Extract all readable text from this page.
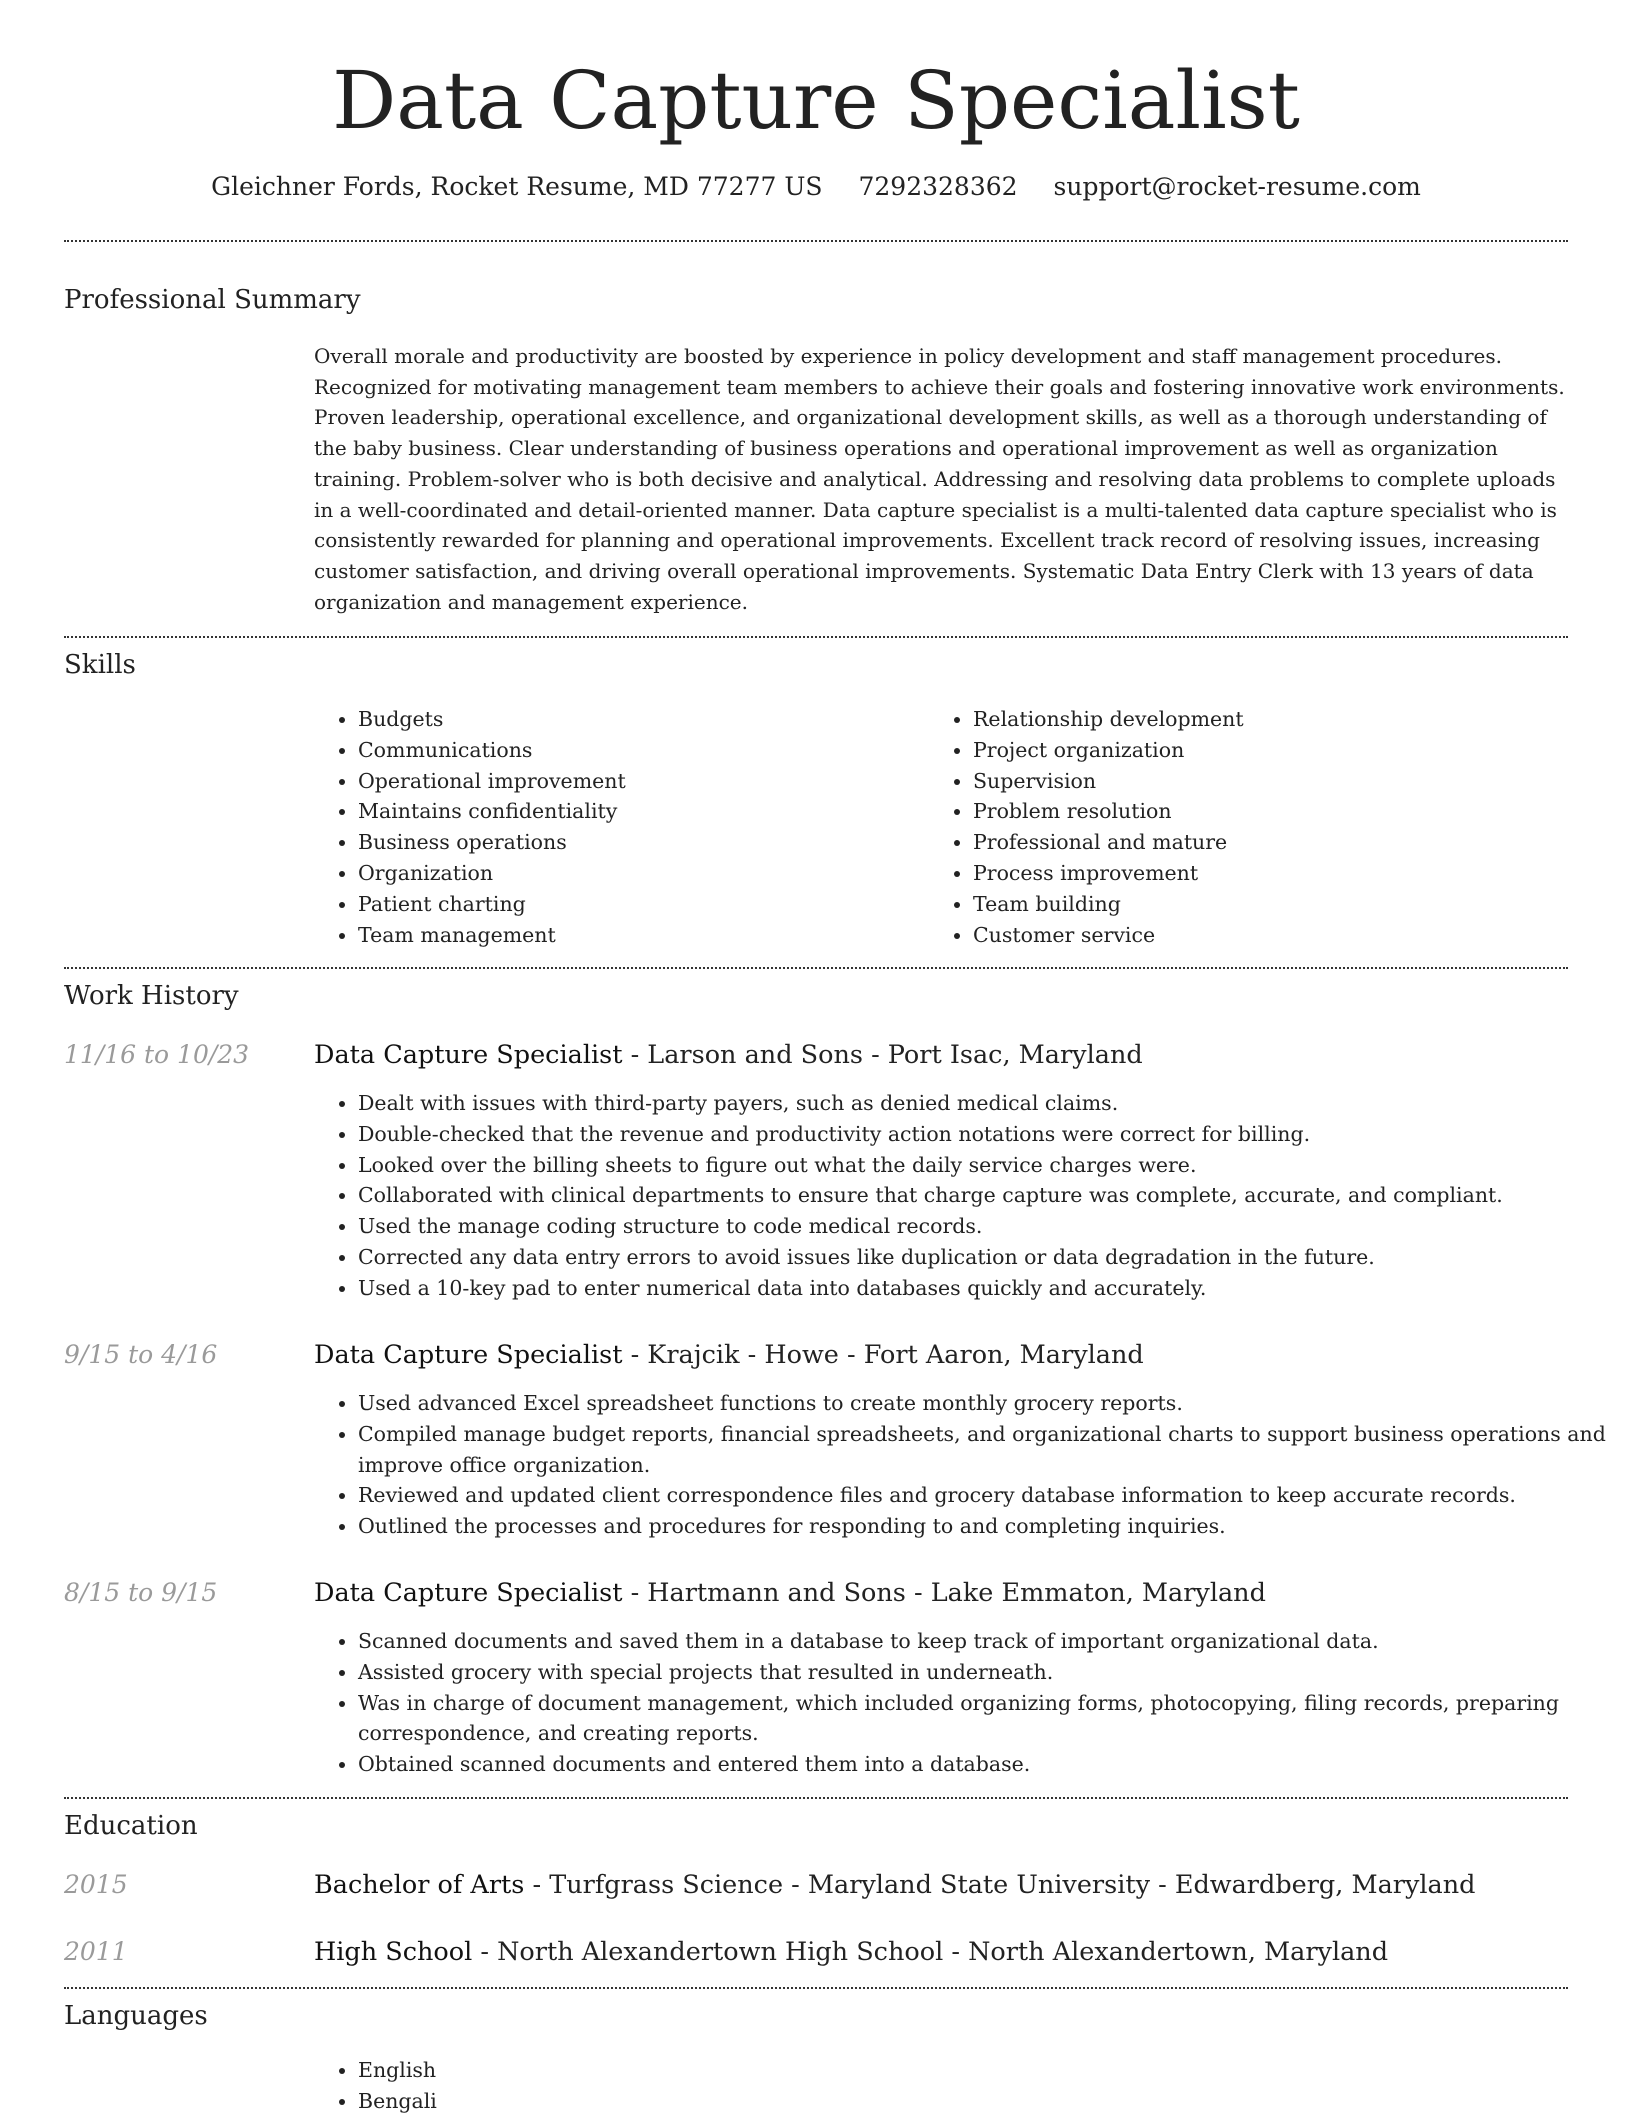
Data Capture Specialist
Gleichner Fords, Rocket Resume, MD 77277 US 7292328362 support@rocket-resume.com
Professional Summary

Overall morale and productivity are boosted by experience in policy development and staff management procedures. Recognized for motivating management team members to achieve their goals and fostering innovative work environments. Proven leadership, operational excellence, and organizational development skills, as well as a thorough understanding of the baby business. Clear understanding of business operations and operational improvement as well as organization training. Problem-solver who is both decisive and analytical. Addressing and resolving data problems to complete uploads in a well-coordinated and detail-oriented manner. Data capture specialist is a multi-talented data capture specialist who is consistently rewarded for planning and operational improvements. Excellent track record of resolving issues, increasing customer satisfaction, and driving overall operational improvements. Systematic Data Entry Clerk with 13 years of data organization and management experience.

Skills
• Budgets
• Communications
• Operational improvement
• Maintains confidentiality
• Business operations
• Organization
• Patient charting
• Team management
• Relationship development
• Project organization
• Supervision
• Problem resolution
• Professional and mature
• Process improvement
• Team building
• Customer service
Work History
11/16 to 10/23	Data Capture Specialist - Larson and Sons - Port Isac, Maryland
• Dealt with issues with third-party payers, such as denied medical claims.
• Double-checked that the revenue and productivity action notations were correct for billing.
• Looked over the billing sheets to figure out what the daily service charges were.
• Collaborated with clinical departments to ensure that charge capture was complete, accurate, and compliant.
• Used the manage coding structure to code medical records.
• Corrected any data entry errors to avoid issues like duplication or data degradation in the future.
• Used a 10-key pad to enter numerical data into databases quickly and accurately.
9/15 to 4/16	Data Capture Specialist - Krajcik - Howe - Fort Aaron, Maryland
• Used advanced Excel spreadsheet functions to create monthly grocery reports.
• Compiled manage budget reports, financial spreadsheets, and organizational charts to support business operations and improve office organization.
• Reviewed and updated client correspondence files and grocery database information to keep accurate records.
• Outlined the processes and procedures for responding to and completing inquiries.
8/15 to 9/15	Data Capture Specialist - Hartmann and Sons - Lake Emmaton, Maryland
• Scanned documents and saved them in a database to keep track of important organizational data.
• Assisted grocery with special projects that resulted in underneath.
• Was in charge of document management, which included organizing forms, photocopying, filing records, preparing correspondence, and creating reports.
• Obtained scanned documents and entered them into a database.
Education
2015	Bachelor of Arts - Turfgrass Science - Maryland State University - Edwardberg, Maryland
2011	High School - North Alexandertown High School - North Alexandertown, Maryland
Languages
• English
• Bengali
